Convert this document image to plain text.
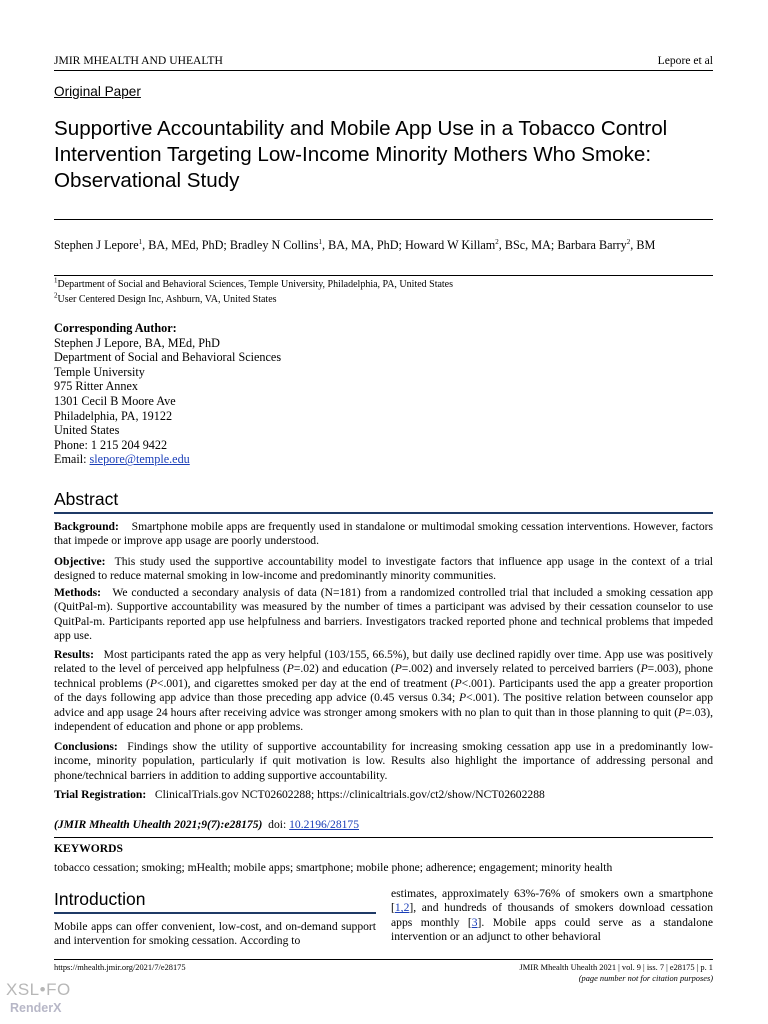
JMIR MHEALTH AND UHEALTH	Lepore et al
Original Paper
Supportive Accountability and Mobile App Use in a Tobacco Control Intervention Targeting Low-Income Minority Mothers Who Smoke: Observational Study
Stephen J Lepore$^1$, BA, MEd, PhD; Bradley N Collins$^1$, BA, MA, PhD; Howard W Killam$^2$, BSc, MA; Barbara Barry$^2$, BM
$^1$Department of Social and Behavioral Sciences, Temple University, Philadelphia, PA, United States
$^2$User Centered Design Inc, Ashburn, VA, United States
Corresponding Author:
Stephen J Lepore, BA, MEd, PhD
Department of Social and Behavioral Sciences
Temple University
975 Ritter Annex
1301 Cecil B Moore Ave
Philadelphia, PA, 19122
United States
Phone: 1 215 204 9422
Email: slepore@temple.edu
Abstract
Background: Smartphone mobile apps are frequently used in standalone or multimodal smoking cessation interventions. However, factors that impede or improve app usage are poorly understood.
Objective: This study used the supportive accountability model to investigate factors that influence app usage in the context of a trial designed to reduce maternal smoking in low-income and predominantly minority communities.
Methods: We conducted a secondary analysis of data (N=181) from a randomized controlled trial that included a smoking cessation app (QuitPal-m). Supportive accountability was measured by the number of times a participant was advised by their cessation counselor to use QuitPal-m. Participants reported app use helpfulness and barriers. Investigators tracked reported phone and technical problems that impeded app use.
Results: Most participants rated the app as very helpful (103/155, 66.5%), but daily use declined rapidly over time. App use was positively related to the level of perceived app helpfulness (P=.02) and education (P=.002) and inversely related to perceived barriers (P=.003), phone technical problems (P<.001), and cigarettes smoked per day at the end of treatment (P<.001). Participants used the app a greater proportion of the days following app advice than those preceding app advice (0.45 versus 0.34; P<.001). The positive relation between counselor app advice and app usage 24 hours after receiving advice was stronger among smokers with no plan to quit than in those planning to quit (P=.03), independent of education and phone or app problems.
Conclusions: Findings show the utility of supportive accountability for increasing smoking cessation app use in a predominantly low-income, minority population, particularly if quit motivation is low. Results also highlight the importance of addressing personal and phone/technical barriers in addition to adding supportive accountability.
Trial Registration: ClinicalTrials.gov NCT02602288; https://clinicaltrials.gov/ct2/show/NCT02602288
(JMIR Mhealth Uhealth 2021;9(7):e28175) doi: 10.2196/28175
KEYWORDS
tobacco cessation; smoking; mHealth; mobile apps; smartphone; mobile phone; adherence; engagement; minority health
Introduction
Mobile apps can offer convenient, low-cost, and on-demand support and intervention for smoking cessation. According to
estimates, approximately 63%-76% of smokers own a smartphone [1,2], and hundreds of thousands of smokers download cessation apps monthly [3]. Mobile apps could serve as a standalone intervention or an adjunct to other behavioral
https://mhealth.jmir.org/2021/7/e28175	JMIR Mhealth Uhealth 2021 | vol. 9 | iss. 7 | e28175 | p. 1
(page number not for citation purposes)
XSL•FO
RenderX
